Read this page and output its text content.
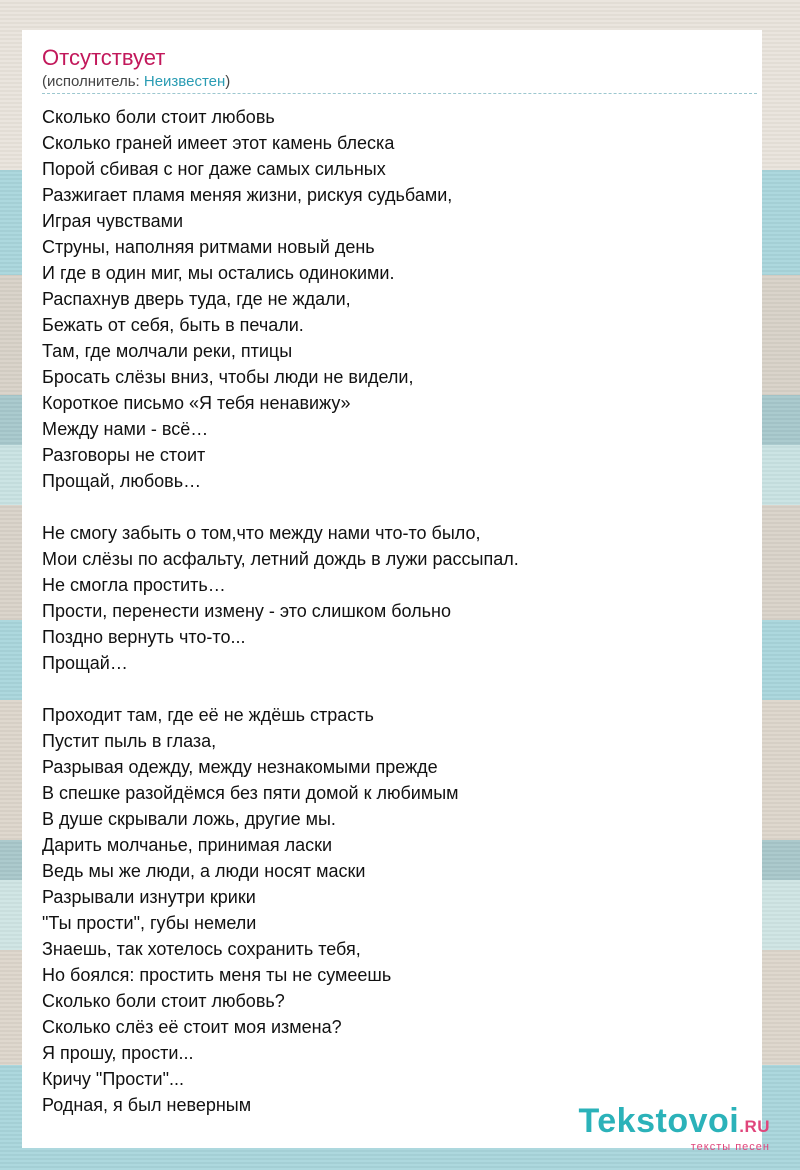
Отсутствует
(исполнитель: Неизвестен)
Сколько боли стоит любовь
Сколько граней имеет этот камень блеска
Порой сбивая с ног даже самых сильных
Разжигает пламя меняя жизни, рискуя судьбами,
Играя чувствами
Струны, наполняя ритмами новый день
И где в один миг, мы остались одинокими.
Распахнув дверь туда, где не ждали,
Бежать от себя, быть в печали.
Там, где молчали реки, птицы
Бросать слёзы вниз, чтобы люди не видели,
Короткое письмо «Я тебя ненавижу»
Между нами - всё…
Разговоры не стоит
Прощай, любовь…
Не смогу забыть о том,что между нами что-то было,
Мои слёзы по асфальту, летний дождь в лужи рассыпал.
Не смогла простить…
Прости, перенести измену - это слишком больно
Поздно вернуть что-то...
Прощай…
Проходит там, где её не ждёшь страсть
Пустит пыль в глаза,
Разрывая одежду, между незнакомыми прежде
В спешке разойдёмся без пяти домой к любимым
В душе скрывали ложь, другие мы.
Дарить молчанье, принимая ласки
Ведь мы же люди, а люди носят маски
Разрывали изнутри крики
"Ты прости", губы немели
Знаешь, так хотелось сохранить тебя,
Но боялся: простить меня ты не сумеешь
Сколько боли стоит любовь?
Сколько слёз её стоит моя измена?
Я прошу, прости...
Кричу "Прости"...
Родная, я был неверным	Tekstovoi.RU
тексты песен
